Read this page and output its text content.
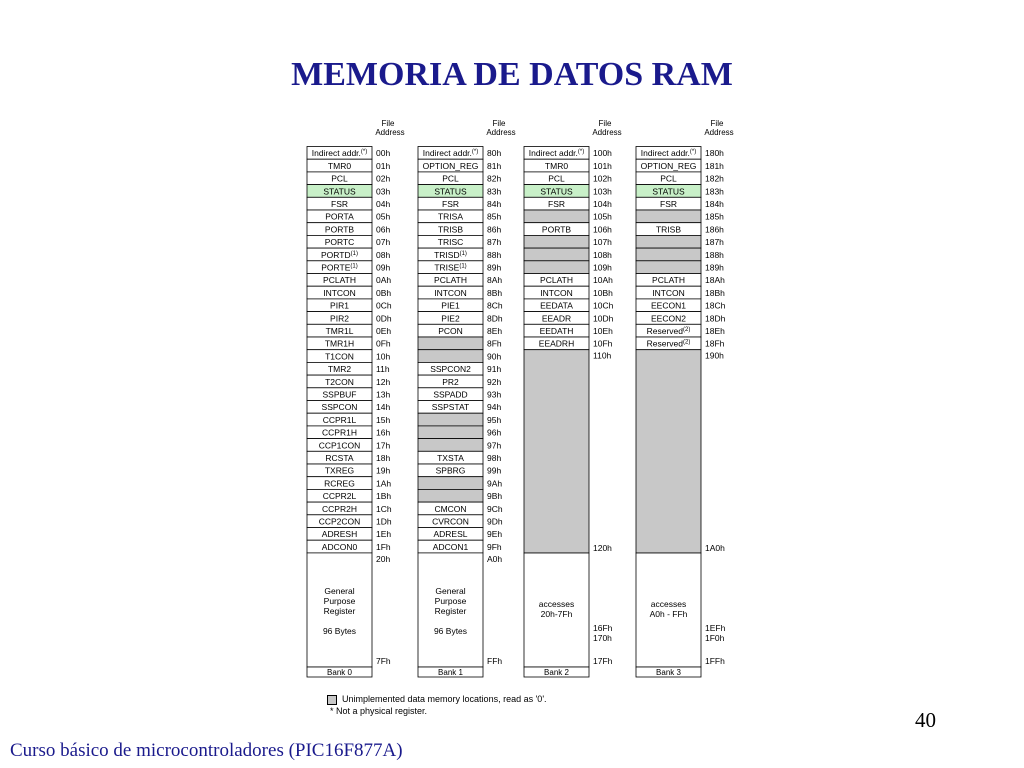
MEMORIA DE DATOS RAM
File
Address
Indirect addr.(*) 00h
TMR0	01h
PCL	02h
STATUS 03h
FSR	04h
PORTA	05h
PORTB	06h
PORTC	07h
PORTD$^{(1)}$ 08h
PORTE$^{(1)}$ 09h
PCLATH 0Ah
INTCON 0Bh
PIR1	0Ch
PIR2	0Dh
TMR1L	0Eh
TMR1H	0Fh
T1CON	10h
TMR2	11h
T2CON	12h
SSPBUF 13h
SSPCON 14h
CCPR1L 15h
CCPR1H 16h
CCP1CON 17h
RCSTA	18h
TXREG	19h
RCREG 1Ah
CCPR2L 1Bh
CCPR2H 1Ch
CCP2CON 1Dh
ADRESH 1Eh
ADCON0 1Fh
General
Purpose
Register
96 Bytes
20h
7Fh
Bank 0
File
Address
Indirect addr.(*) 80h
OPTION_REG 81h
PCL	82h
STATUS 83h
FSR	84h
TRISA	85h
TRISB	86h
TRISC	87h
TRISD$^{(1)}$ 88h
TRISE$^{(1)}$ 89h
PCLATH 8Ah
INTCON 8Bh
PIE1	8Ch
PIE2	8Dh
PCON	8Eh
8Fh
90h
SSPCON2 91h
PR2	92h
SSPADD 93h
SSPSTAT 94h
95h
96h
97h
TXSTA	98h
SPBRG	99h
9Ah
9Bh
CMCON 9Ch
CVRCON 9Dh
ADRESL 9Eh
ADCON1 9Fh
General
Purpose
Register
96 Bytes
A0h
FFh
Bank 1
File
Address
Indirect addr.(*) 100h
TMR0	101h
PCL	102h
STATUS 103h
FSR	104h
105h
PORTB	106h
107h
108h
109h
PCLATH 10Ah
INTCON 10Bh
EEDATA 10Ch
EEADR	10Dh
EEDATH 10Eh
EEADRH 10Fh
110h
accesses
20h-7Fh
120h
16Fh
170h
17Fh
Bank 2
File
Address
Indirect addr.(*) 180h
OPTION_REG 181h
PCL	182h
STATUS 183h
FSR	184h
185h
TRISB	186h
187h
188h
189h
PCLATH 18Ah
INTCON 18Bh
EECON1 18Ch
EECON2 18Dh
Reserved$^{(2)}$ 18Eh
Reserved$^{(2)}$ 18Fh
190h
accesses
A0h - FFh
1A0h
1EFh
1F0h
1FFh
Bank 3
Unimplemented data memory locations, read as '0'.
* Not a physical register.	40
Curso básico de microcontroladores (PIC16F877A)
